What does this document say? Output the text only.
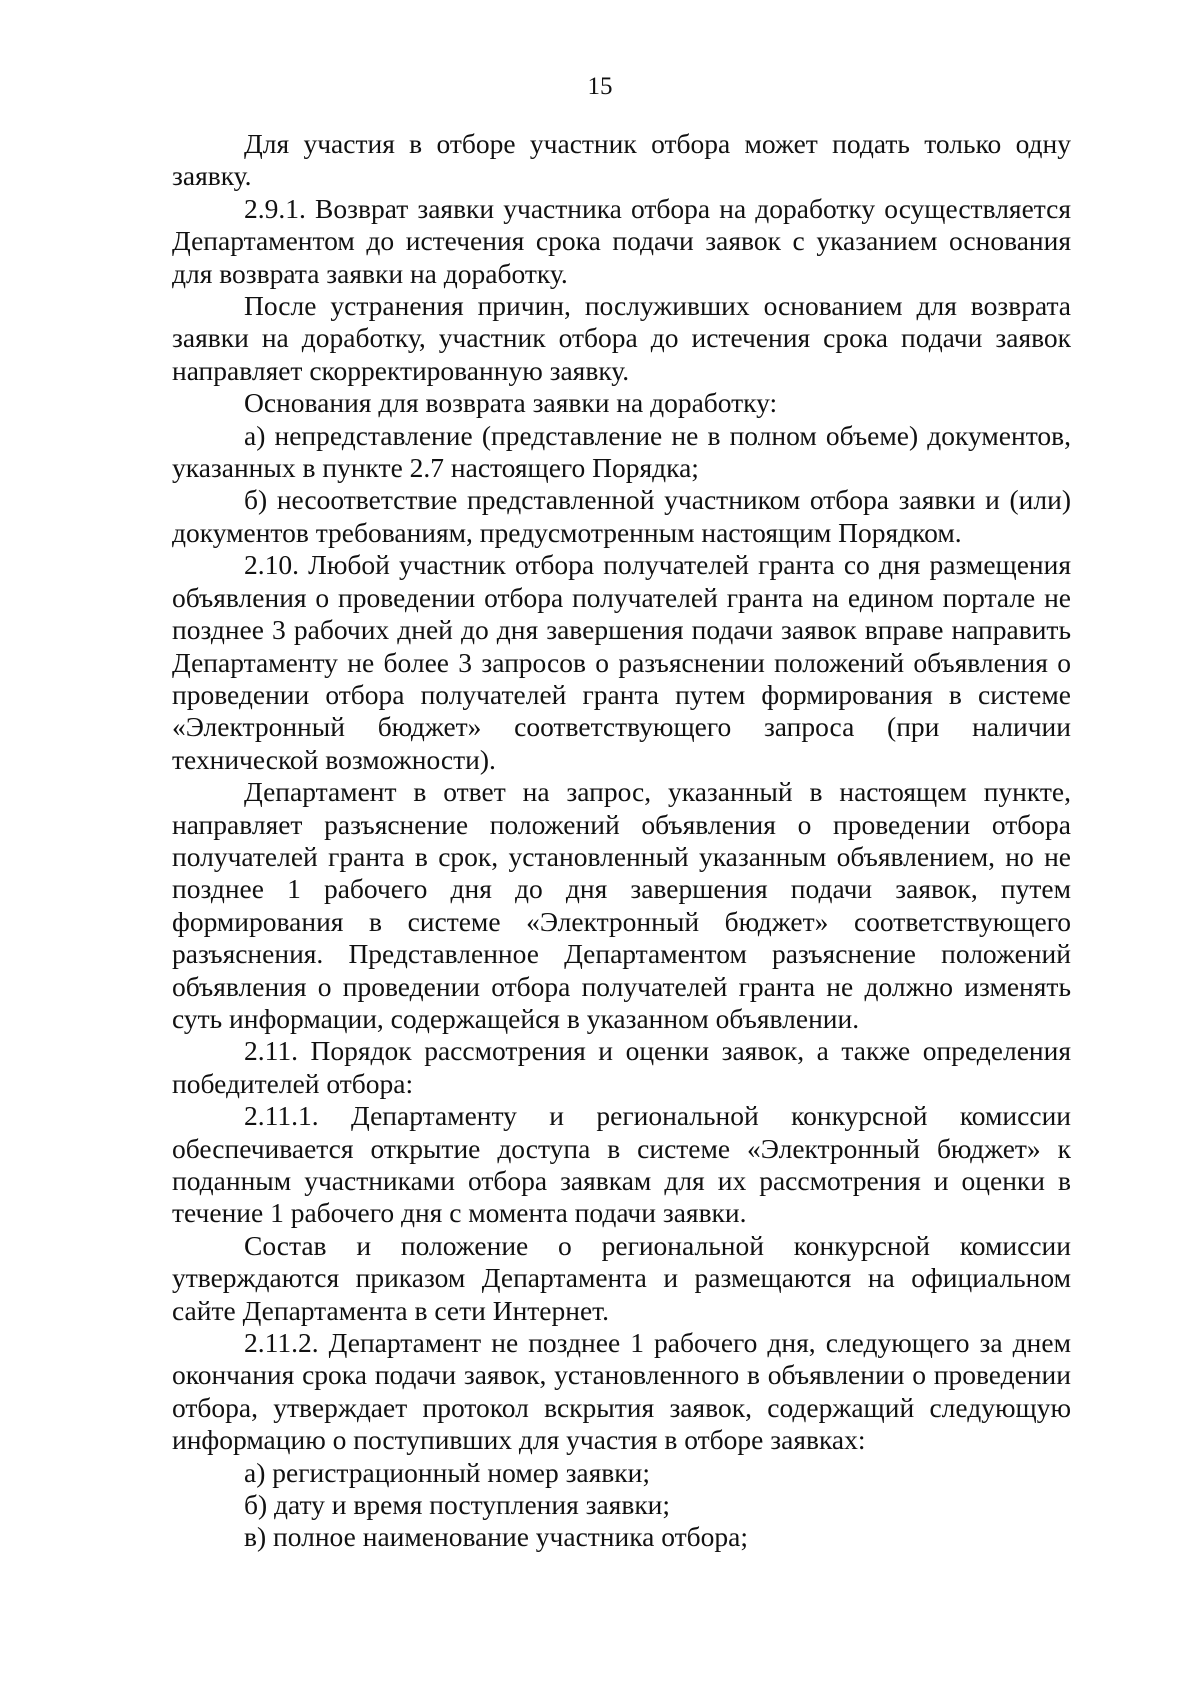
15

Для участия в отборе участник отбора может подать только одну заявку.

2.9.1. Возврат заявки участника отбора на доработку осуществляется Департаментом до истечения срока подачи заявок с указанием основания для возврата заявки на доработку.

После устранения причин, послуживших основанием для возврата заявки на доработку, участник отбора до истечения срока подачи заявок направляет скорректированную заявку.

Основания для возврата заявки на доработку:

а) непредставление (представление не в полном объеме) документов, указанных в пункте 2.7 настоящего Порядка;

б) несоответствие представленной участником отбора заявки и (или) документов требованиям, предусмотренным настоящим Порядком.

2.10. Любой участник отбора получателей гранта со дня размещения объявления о проведении отбора получателей гранта на едином портале не позднее 3 рабочих дней до дня завершения подачи заявок вправе направить Департаменту не более 3 запросов о разъяснении положений объявления о проведении отбора получателей гранта путем формирования в системе «Электронный бюджет» соответствующего запроса (при наличии технической возможности).

Департамент в ответ на запрос, указанный в настоящем пункте, направляет разъяснение положений объявления о проведении отбора получателей гранта в срок, установленный указанным объявлением, но не позднее 1 рабочего дня до дня завершения подачи заявок, путем формирования в системе «Электронный бюджет» соответствующего разъяснения. Представленное Департаментом разъяснение положений объявления о проведении отбора получателей гранта не должно изменять суть информации, содержащейся в указанном объявлении.

2.11. Порядок рассмотрения и оценки заявок, а также определения победителей отбора:

2.11.1. Департаменту и региональной конкурсной комиссии обеспечивается открытие доступа в системе «Электронный бюджет» к поданным участниками отбора заявкам для их рассмотрения и оценки в течение 1 рабочего дня с момента подачи заявки.

Состав и положение о региональной конкурсной комиссии утверждаются приказом Департамента и размещаются на официальном сайте Департамента в сети Интернет.

2.11.2. Департамент не позднее 1 рабочего дня, следующего за днем окончания срока подачи заявок, установленного в объявлении о проведении отбора, утверждает протокол вскрытия заявок, содержащий следующую информацию о поступивших для участия в отборе заявках:

а) регистрационный номер заявки;

б) дату и время поступления заявки;

в) полное наименование участника отбора;
